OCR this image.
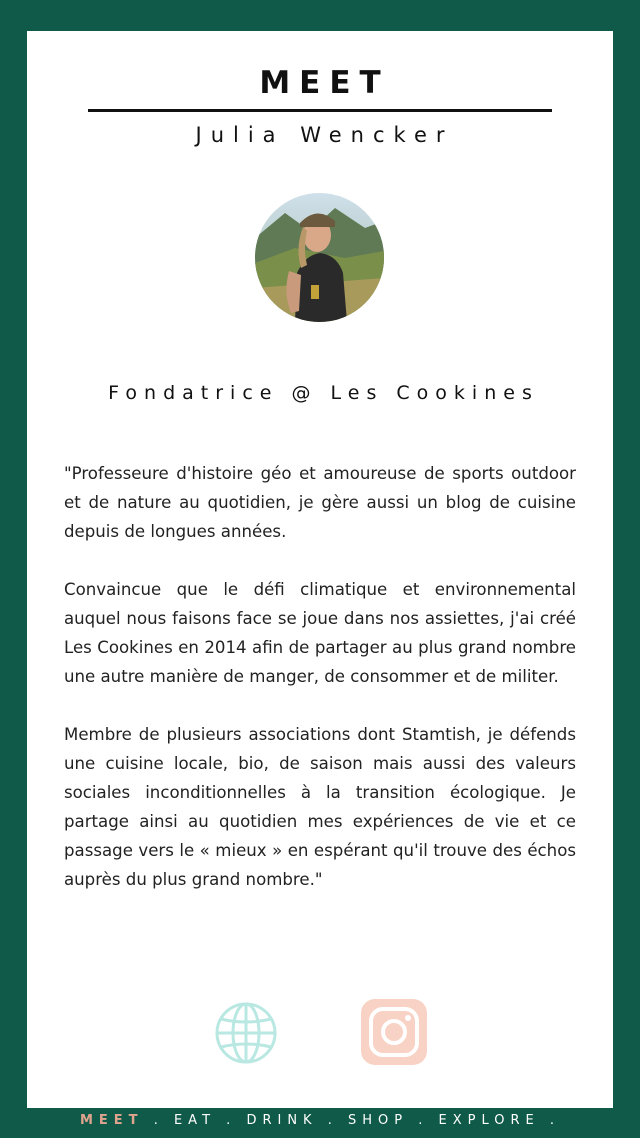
MEET
Julia Wencker
Fondatrice @ Les Cookines

"Professeure d'histoire géo et amoureuse de sports outdoor et de nature au quotidien, je gère aussi un blog de cuisine depuis de longues années.

Convaincue que le défi climatique et environnemental auquel nous faisons face se joue dans nos assiettes, j'ai créé Les Cookines en 2014 afin de partager au plus grand nombre une autre manière de manger, de consommer et de militer.

Membre de plusieurs associations dont Stamtish, je défends une cuisine locale, bio, de saison mais aussi des valeurs sociales inconditionnelles à la transition écologique. Je partage ainsi au quotidien mes expériences de vie et ce passage vers le « mieux » en espérant qu'il trouve des échos auprès du plus grand nombre."

MEET . EAT . DRINK . SHOP . EXPLORE .
